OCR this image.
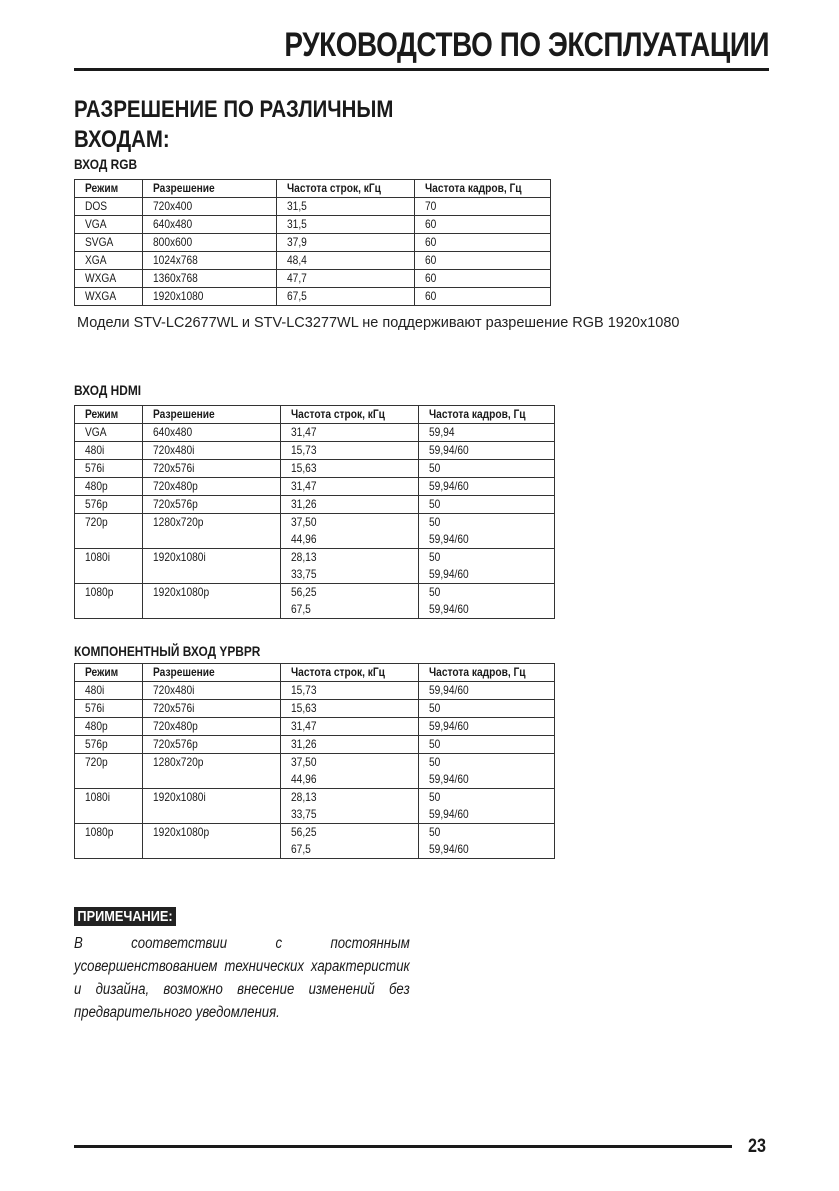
РУКОВОДСТВО ПО ЭКСПЛУАТАЦИИ
РАЗРЕШЕНИЕ ПО РАЗЛИЧНЫМ
ВХОДАМ:
ВХОД RGB
Режим	Разрешение	Частота строк, кГц	Частота кадров, Гц

DOS	720x400	31,5	70

VGA	640x480	31,5	60

SVGA	800x600	37,9	60

XGA	1024x768	48,4	60

WXGA	1360x768	47,7	60

WXGA	1920x1080	67,5	60
Модели STV-LC2677WL и STV-LC3277WL не поддерживают разрешение RGB 1920x1080
ВХОД HDMI
Режим	Разрешение	Частота строк, кГц	Частота кадров, Гц

VGA	640x480	31,47	59,94

480i	720x480i	15,73	59,94/60

576i	720x576i	15,63	50

480p	720x480p	31,47	59,94/60

576p	720x576p	31,26	50

720p	1280x720p	37,50	50

		44,96	59,94/60

1080i	1920x1080i	28,13	50

		33,75	59,94/60

1080p	1920x1080p	56,25	50

		67,5	59,94/60
КОМПОНЕНТНЫЙ ВХОД YPBPR
Режим	Разрешение	Частота строк, кГц	Частота кадров, Гц

480i	720x480i	15,73	59,94/60

576i	720x576i	15,63	50

480p	720x480p	31,47	59,94/60

576p	720x576p	31,26	50

720p	1280x720p	37,50	50

		44,96	59,94/60

1080i	1920x1080i	28,13	50

		33,75	59,94/60

1080p	1920x1080p	56,25	50

		67,5	59,94/60
ПРИМЕЧАНИЕ:
В соответствии с постоянным усовершенствованием технических характеристик и дизайна, возможно внесение изменений без предварительного уведомления.
23
